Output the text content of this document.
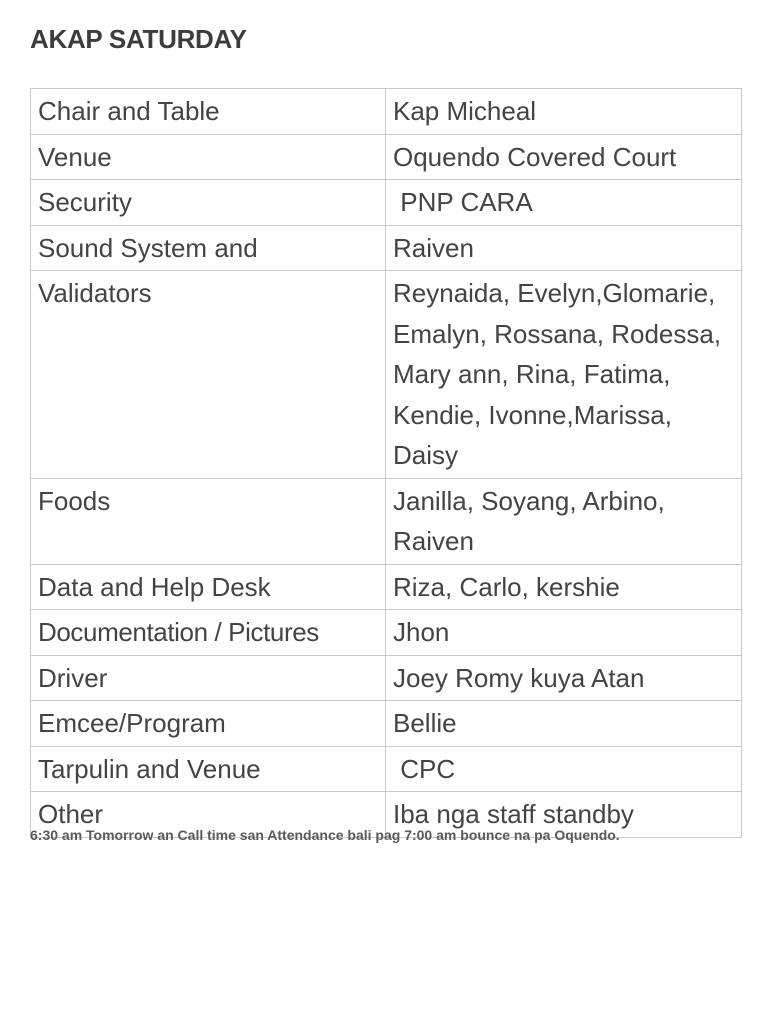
AKAP SATURDAY
Chair and Table	Kap Micheal
Venue	Oquendo Covered Court
Security	PNP CARA
Sound System and	Raiven
Validators	Reynaida, Evelyn,Glomarie, Emalyn, Rossana, Rodessa, Mary ann, Rina, Fatima, Kendie, Ivonne,Marissa, Daisy
Foods	Janilla, Soyang, Arbino, Raiven
Data and Help Desk	Riza, Carlo, kershie
Documentation / Pictures	Jhon
Driver	Joey Romy kuya Atan
Emcee/Program	Bellie
Tarpulin and Venue	CPC
Other	Iba nga staff standby

6:30 am Tomorrow an Call time san Attendance bali pag 7:00 am bounce na pa Oquendo.
